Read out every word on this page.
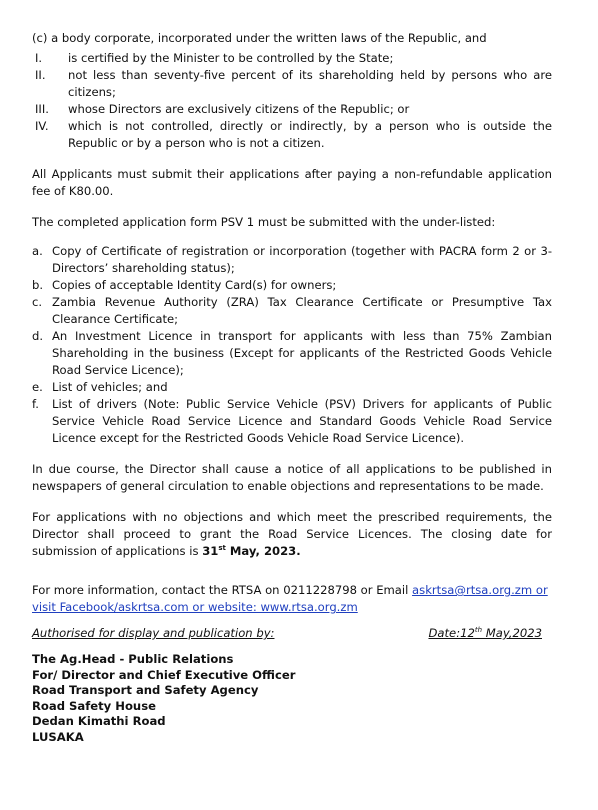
(c) a body corporate, incorporated under the written laws of the Republic, and

I.	is certified by the Minister to be controlled by the State;
II.	not less than seventy-five percent of its shareholding held by persons who are citizens;
III.	whose Directors are exclusively citizens of the Republic; or
IV.	which is not controlled, directly or indirectly, by a person who is outside the Republic or by a person who is not a citizen.

All Applicants must submit their applications after paying a non-refundable application fee of K80.00.

The completed application form PSV 1 must be submitted with the under-listed:

a. Copy of Certificate of registration or incorporation (together with PACRA form 2 or 3-Directors’ shareholding status);
b. Copies of acceptable Identity Card(s) for owners;
c. Zambia Revenue Authority (ZRA) Tax Clearance Certificate or Presumptive Tax Clearance Certificate;
d. An Investment Licence in transport for applicants with less than 75% Zambian Shareholding in the business (Except for applicants of the Restricted Goods Vehicle Road Service Licence);
e. List of vehicles; and
f.	List of drivers (Note: Public Service Vehicle (PSV) Drivers for applicants of Public Service Vehicle Road Service Licence and Standard Goods Vehicle Road Service Licence except for the Restricted Goods Vehicle Road Service Licence).

In due course, the Director shall cause a notice of all applications to be published in newspapers of general circulation to enable objections and representations to be made.

For applications with no objections and which meet the prescribed requirements, the Director shall proceed to grant the Road Service Licences. The closing date for submission of applications is 31st May, 2023.

For more information, contact the RTSA on 0211228798 or Email askrtsa@rtsa.org.zm or
visit Facebook/askrtsa.com or website: www.rtsa.org.zm

Authorised for display and publication by:	Date:12th May,2023
The Ag.Head - Public Relations
For/ Director and Chief Executive Officer
Road Transport and Safety Agency
Road Safety House
Dedan Kimathi Road
LUSAKA
